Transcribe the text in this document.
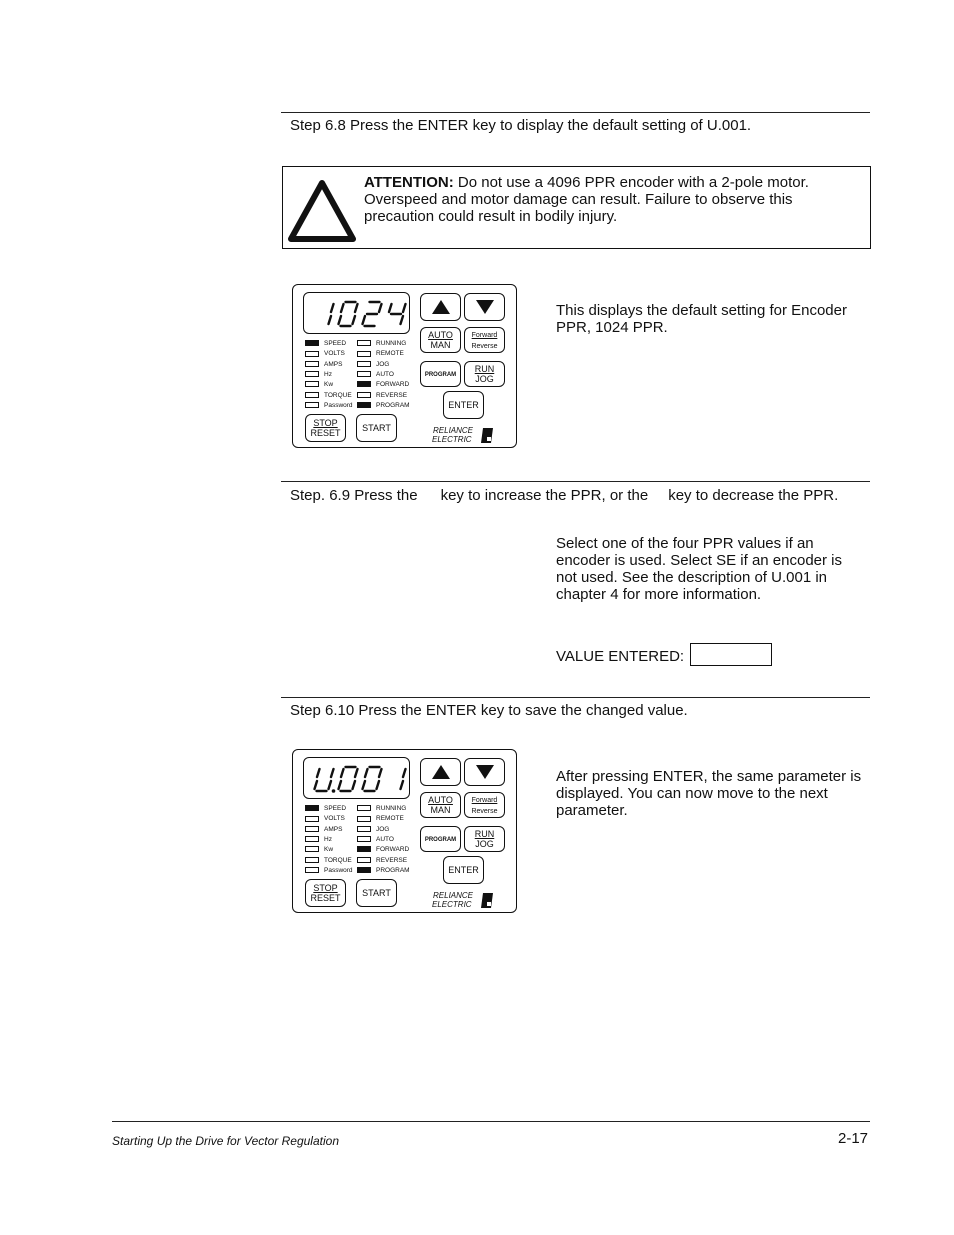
Step 6.8 Press the ENTER key to display the default setting of U.001.
ATTENTION: Do not use a 4096 PPR encoder with a 2-pole motor. Overspeed and motor damage can result. Failure to observe this precaution could result in bodily injury.
AUTO
MAN
Forward
Reverse
PROGRAM
RUN
JOG
ENTER
STOP
RESET	START	RELIANCE
ELECTRIC
SPEED
VOLTS
AMPS
Hz
Kw
TORQUE
Password
RUNNING
REMOTE
JOG
AUTO
FORWARD
REVERSE
PROGRAM
This displays the default setting for Encoder PPR, 1024 PPR.
Step. 6.9 Press the key to increase the PPR, or the key to decrease the PPR.
Select one of the four PPR values if an encoder is used. Select SE if an encoder is not used. See the description of U.001 in chapter 4 for more information.
VALUE ENTERED:
Step 6.10 Press the ENTER key to save the changed value.
AUTO
MAN
Forward
Reverse
PROGRAM
RUN
JOG
ENTER
STOP
RESET	START	RELIANCE
ELECTRIC
SPEED
VOLTS
AMPS
Hz
Kw
TORQUE
Password
RUNNING
REMOTE
JOG
AUTO
FORWARD
REVERSE
PROGRAM
After pressing ENTER, the same parameter is displayed. You can now move to the next parameter.
Starting Up the Drive for Vector Regulation	2-17
